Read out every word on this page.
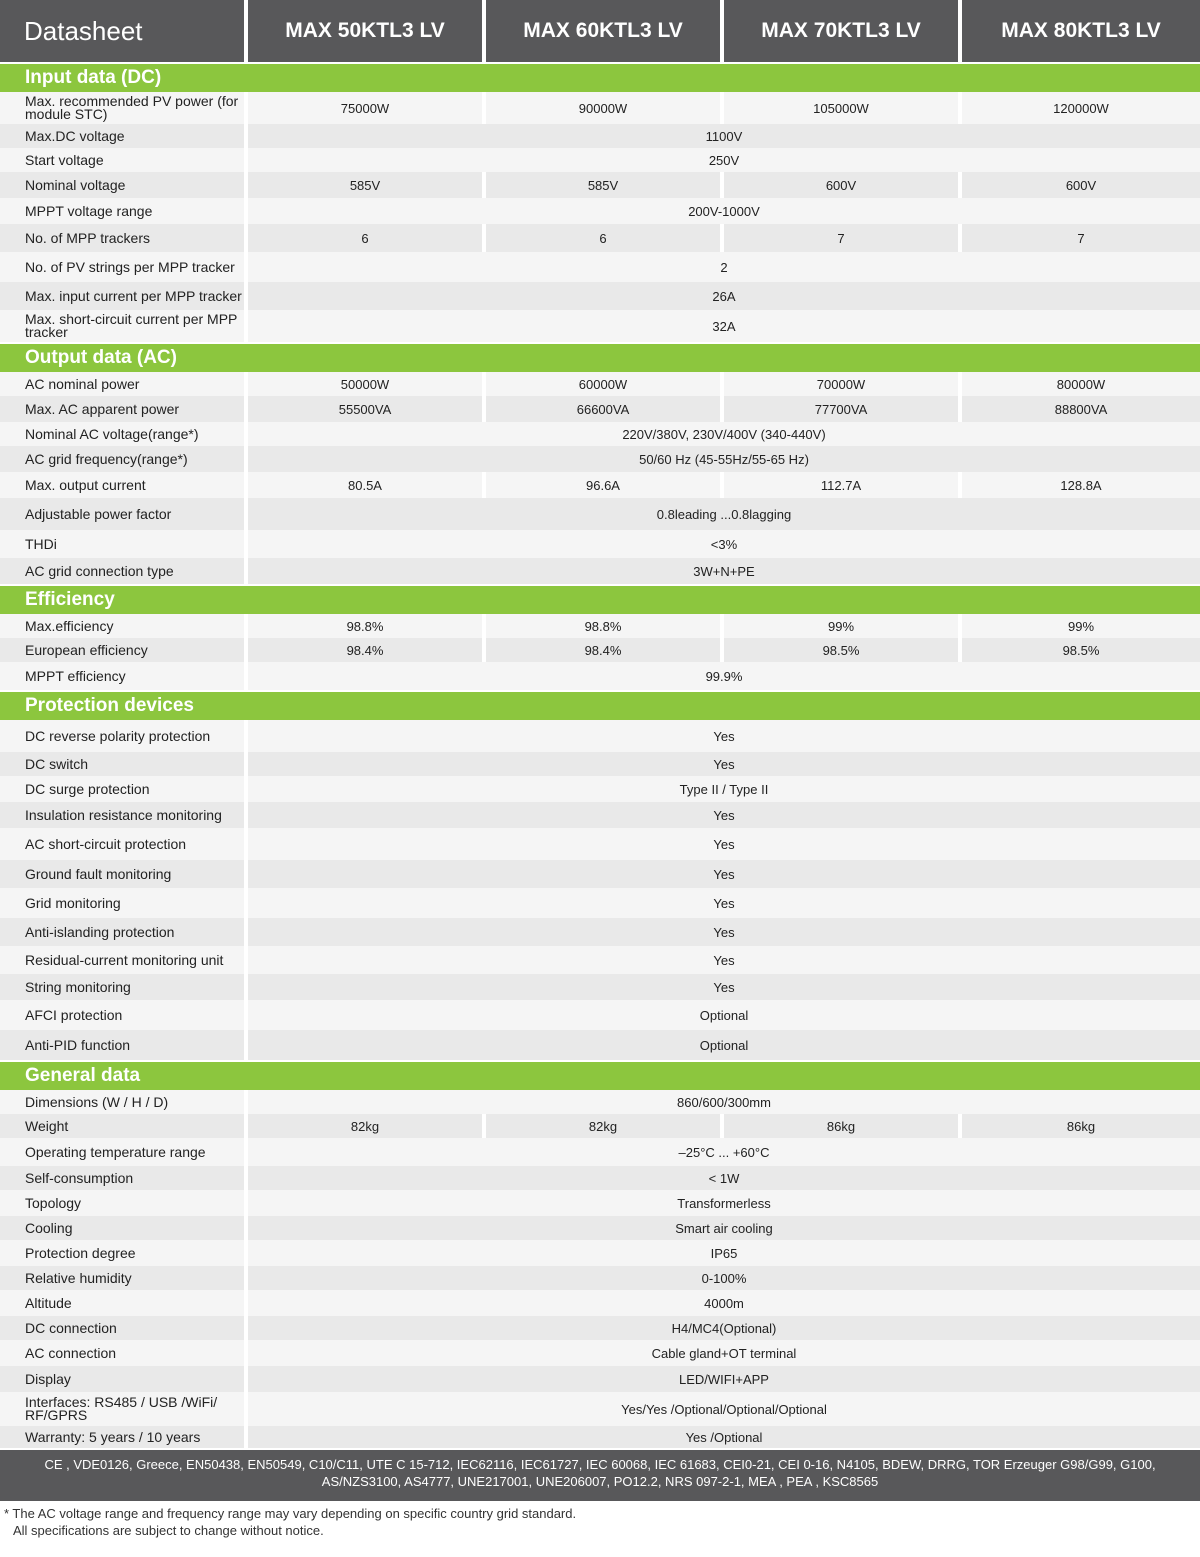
Datasheet	MAX 50KTL3 LV	MAX 60KTL3 LV	MAX 70KTL3 LV	MAX 80KTL3 LV
Input data (DC)
Max. recommended PV power (for module STC)	75000W	90000W	105000W	120000W
Max.DC voltage	1100V
Start voltage	250V
Nominal voltage	585V	585V	600V	600V
MPPT voltage range	200V-1000V
No. of MPP trackers	6	6	7	7
No. of PV strings per MPP tracker	2
Max. input current per MPP tracker	26A
Max. short-circuit current per MPP tracker	32A
Output data (AC)
AC nominal power	50000W	60000W	70000W	80000W
Max. AC apparent power	55500VA	66600VA	77700VA	88800VA
Nominal AC voltage(range*)	220V/380V, 230V/400V (340-440V)
AC grid frequency(range*)	50/60 Hz (45-55Hz/55-65 Hz)
Max. output current	80.5A	96.6A	112.7A	128.8A
Adjustable power factor	0.8leading ...0.8lagging
THDi	<3%
AC grid connection type	3W+N+PE
Efficiency
Max.efficiency	98.8%	98.8%	99%	99%
European efficiency	98.4%	98.4%	98.5%	98.5%
MPPT efficiency	99.9%
Protection devices
DC reverse polarity protection	Yes
DC switch	Yes
DC surge protection	Type II / Type II
Insulation resistance monitoring	Yes
AC short-circuit protection	Yes
Ground fault monitoring	Yes
Grid monitoring	Yes
Anti-islanding protection	Yes
Residual-current monitoring unit	Yes
String monitoring	Yes
AFCI protection	Optional
Anti-PID function	Optional
General data
Dimensions (W / H / D)	860/600/300mm
Weight	82kg	82kg	86kg	86kg
Operating temperature range	–25°C ... +60°C
Self-consumption	< 1W
Topology	Transformerless
Cooling	Smart air cooling
Protection degree	IP65
Relative humidity	0-100%
Altitude	4000m
DC connection	H4/MC4(Optional)
AC connection	Cable gland+OT terminal
Display	LED/WIFI+APP
Interfaces: RS485 / USB /WiFi/ RF/GPRS	Yes/Yes /Optional/Optional/Optional
Warranty: 5 years / 10 years	Yes /Optional
CE , VDE0126, Greece, EN50438, EN50549, C10/C11, UTE C 15-712, IEC62116, IEC61727, IEC 60068, IEC 61683, CEI0-21, CEI 0-16, N4105, BDEW, DRRG, TOR Erzeuger G98/G99, G100, AS/NZS3100, AS4777, UNE217001, UNE206007, PO12.2, NRS 097-2-1, MEA , PEA , KSC8565
* The AC voltage range and frequency range may vary depending on specific country grid standard.
All specifications are subject to change without notice.
